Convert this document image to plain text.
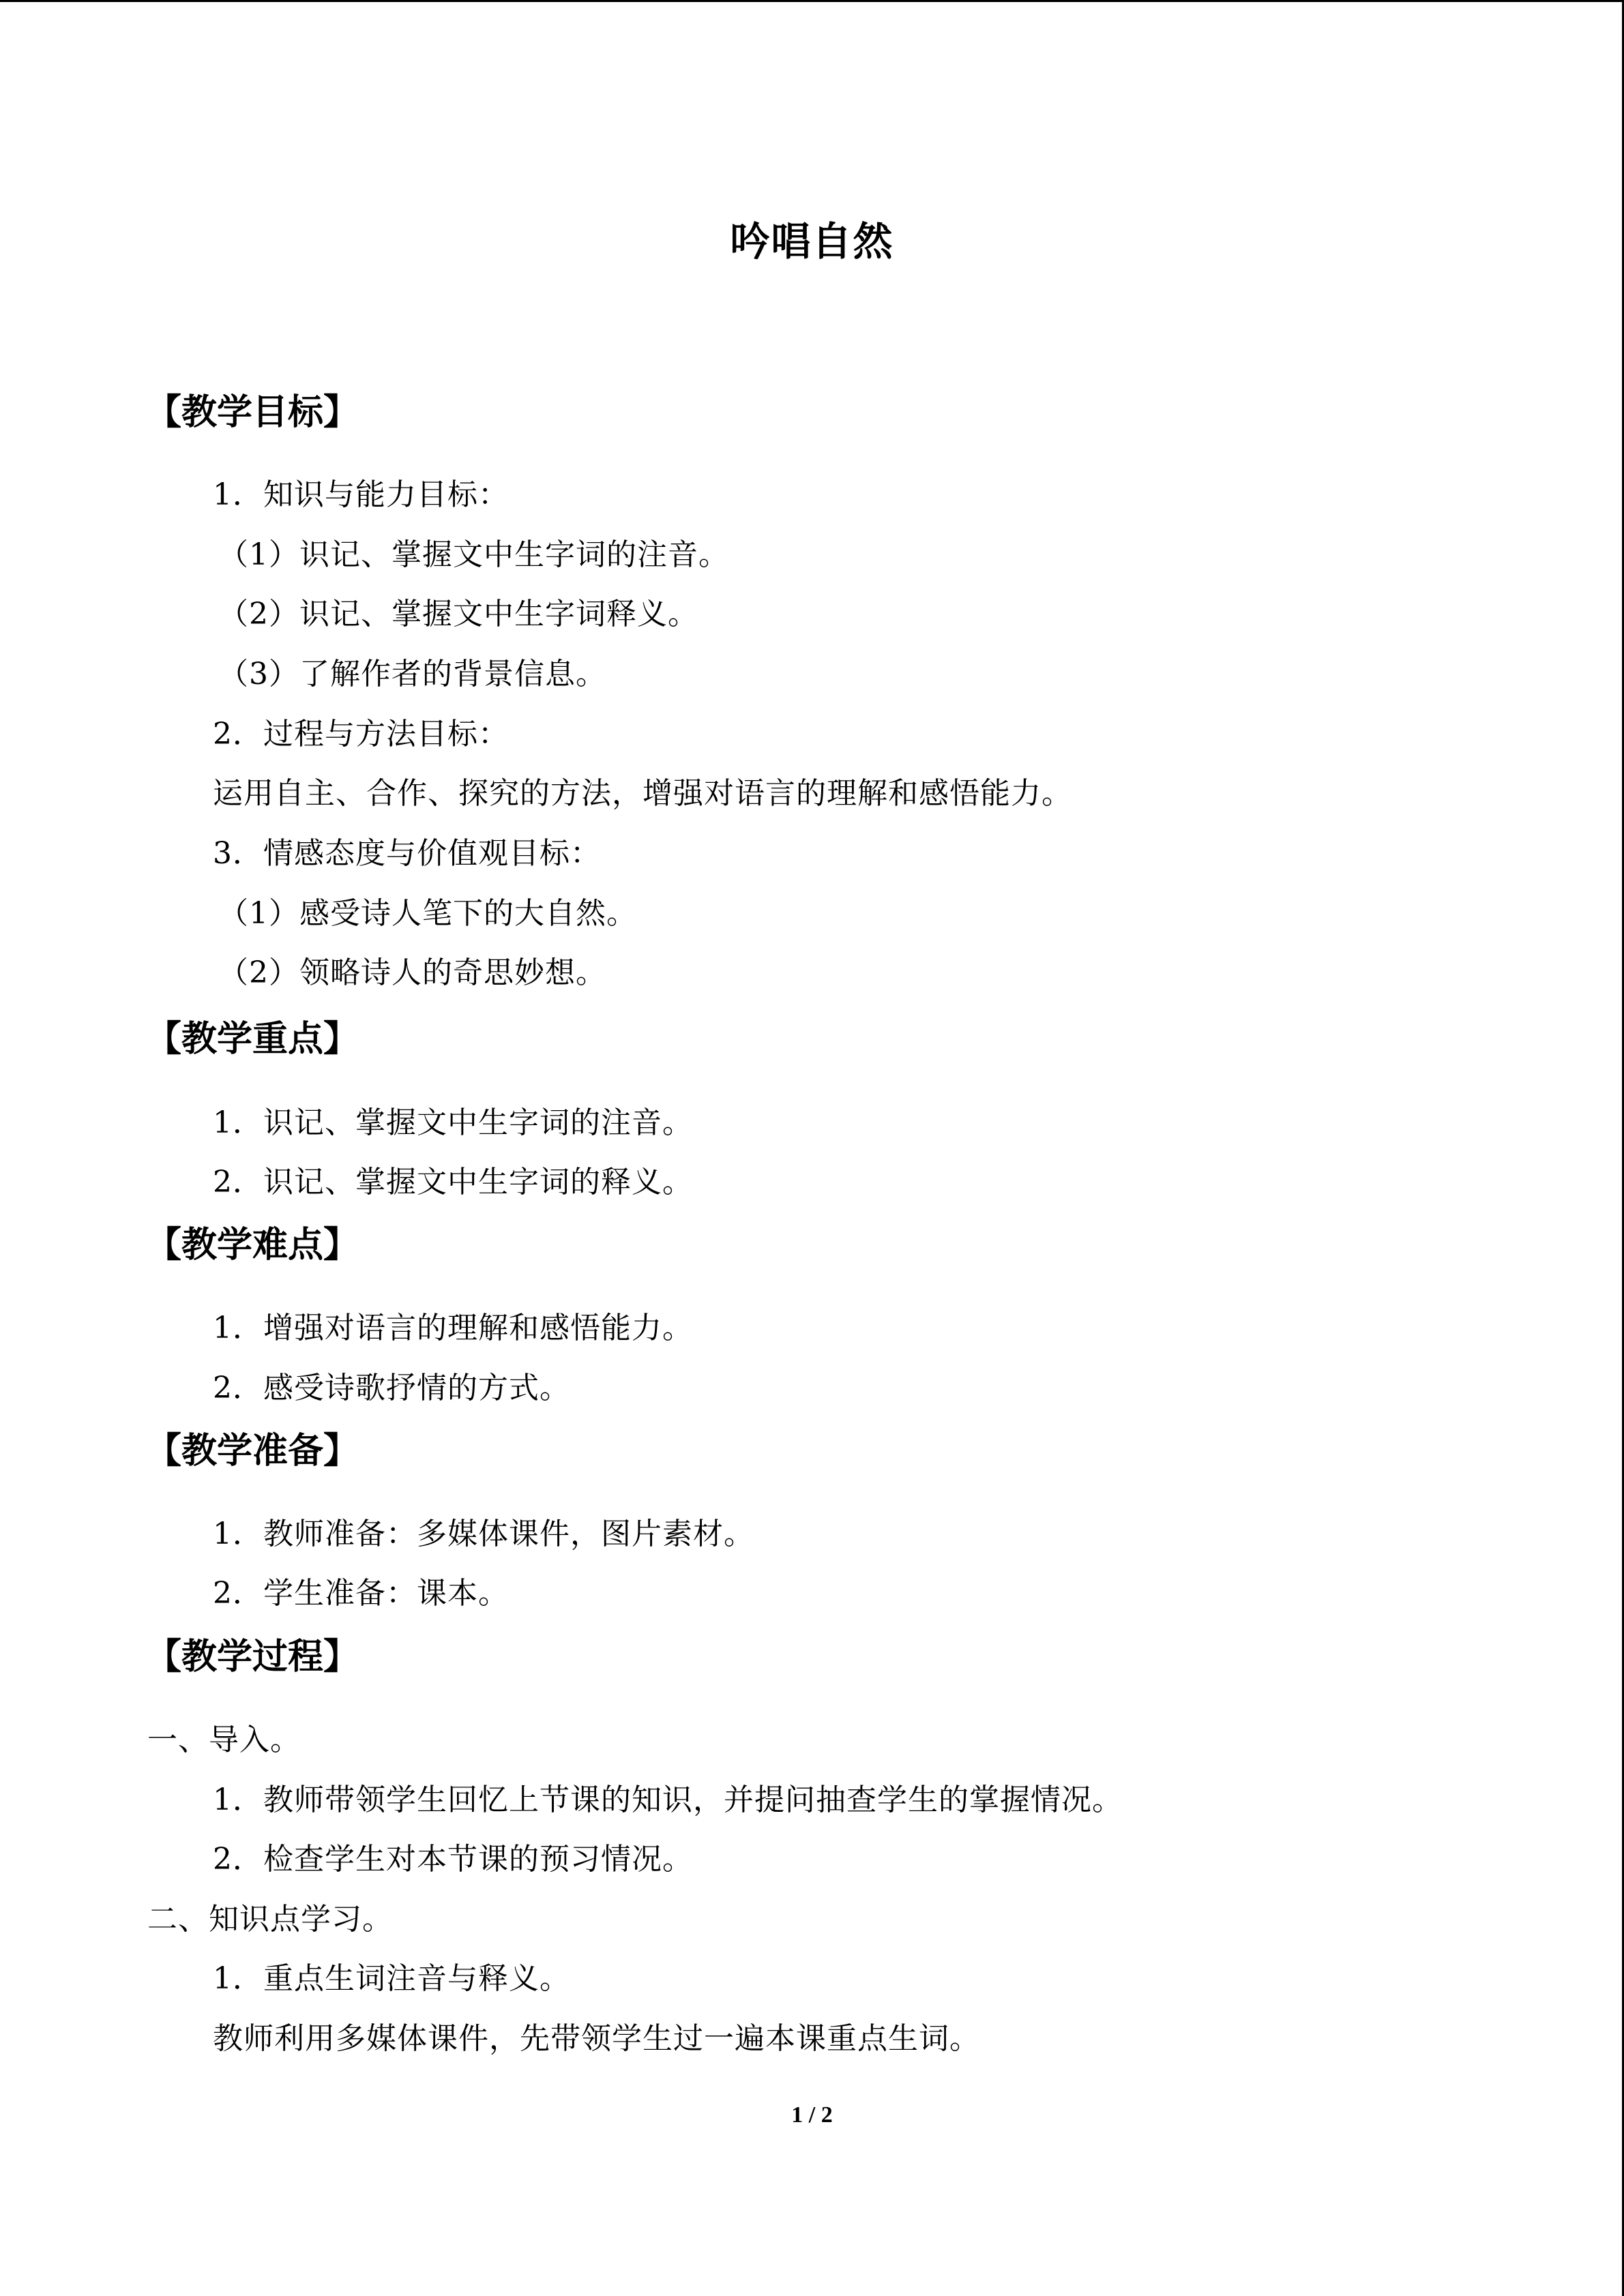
吟唱自然
【教学目标】
1．知识与能力目标：
（1）识记、掌握文中生字词的注音。
（2）识记、掌握文中生字词释义。
（3）了解作者的背景信息。
2．过程与方法目标：
运用自主、合作、探究的方法，增强对语言的理解和感悟能力。
3．情感态度与价值观目标：
（1）感受诗人笔下的大自然。
（2）领略诗人的奇思妙想。
【教学重点】
1．识记、掌握文中生字词的注音。
2．识记、掌握文中生字词的释义。
【教学难点】
1．增强对语言的理解和感悟能力。
2．感受诗歌抒情的方式。
【教学准备】
1．教师准备：多媒体课件，图片素材。
2．学生准备：课本。
【教学过程】
一、导入。
1．教师带领学生回忆上节课的知识，并提问抽查学生的掌握情况。
2．检查学生对本节课的预习情况。
二、知识点学习。
1．重点生词注音与释义。
教师利用多媒体课件，先带领学生过一遍本课重点生词。
1 / 2
